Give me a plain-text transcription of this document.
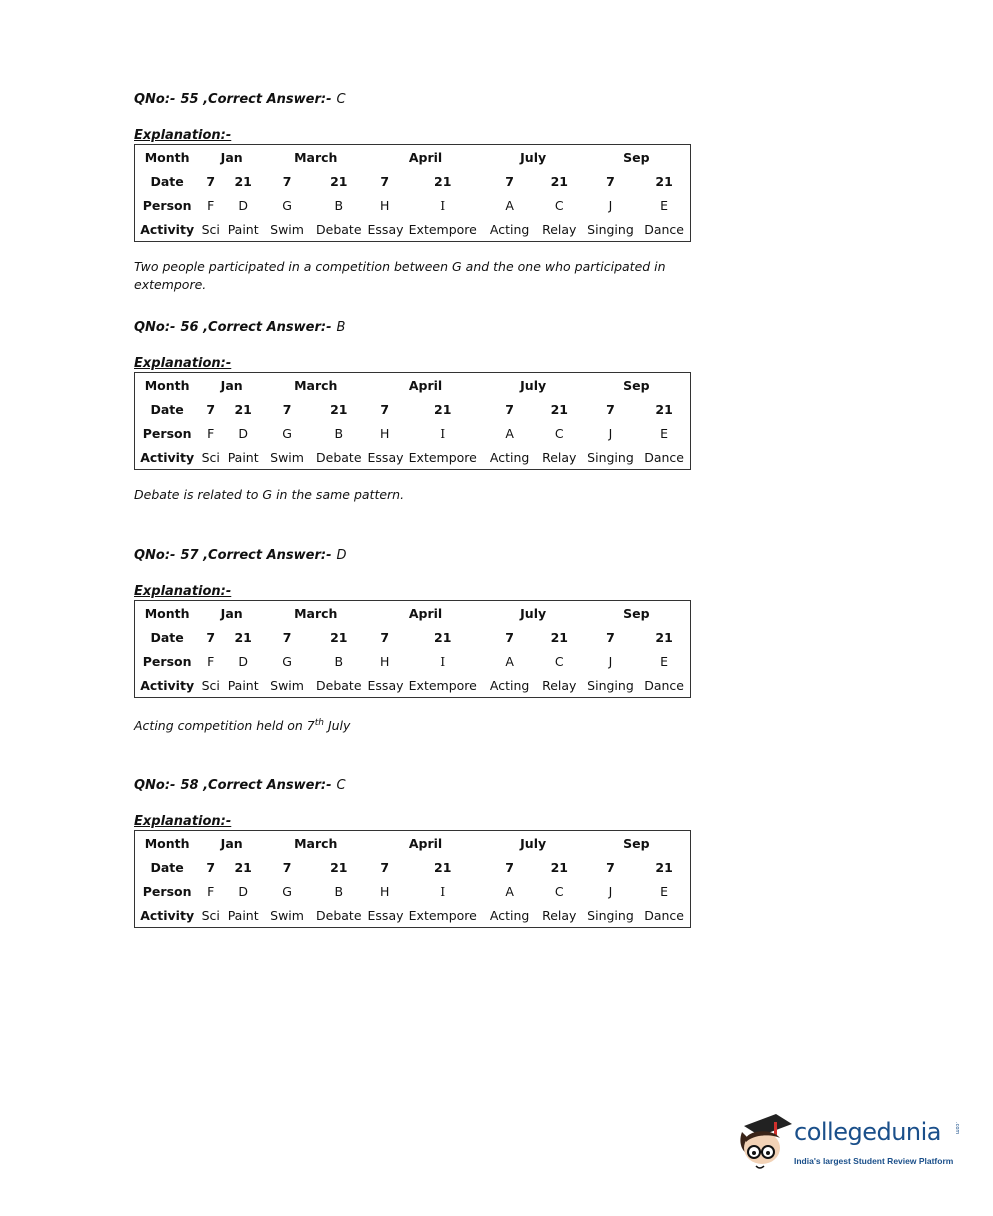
QNo:- 55 ,Correct Answer:- C
Explanation:-
Month	Jan		March		April		July		Sep	
Date	7	21	7	21	7	21	7	21	7	21
Person	F	D	G	B	H	I	A	C	J	E
Activity	Sci	Paint	Swim	Debate	Essay	Extempore	Acting	Relay	Singing	Dance
Two people participated in a competition between G and the one who participated in extempore.
QNo:- 56 ,Correct Answer:- B
Explanation:-
Month	Jan		March		April		July		Sep	
Date	7	21	7	21	7	21	7	21	7	21
Person	F	D	G	B	H	I	A	C	J	E
Activity	Sci	Paint	Swim	Debate	Essay	Extempore	Acting	Relay	Singing	Dance
Debate is related to G in the same pattern.
QNo:- 57 ,Correct Answer:- D
Explanation:-
Month	Jan		March		April		July		Sep	
Date	7	21	7	21	7	21	7	21	7	21
Person	F	D	G	B	H	I	A	C	J	E
Activity	Sci	Paint	Swim	Debate	Essay	Extempore	Acting	Relay	Singing	Dance
Acting competition held on 7th July
QNo:- 58 ,Correct Answer:- C
Explanation:-
Month	Jan		March		April		July		Sep	
Date	7	21	7	21	7	21	7	21	7	21
Person	F	D	G	B	H	I	A	C	J	E
Activity	Sci	Paint	Swim	Debate	Essay	Extempore	Acting	Relay	Singing	Dance
collegedunia	.com
India's largest Student Review Platform
